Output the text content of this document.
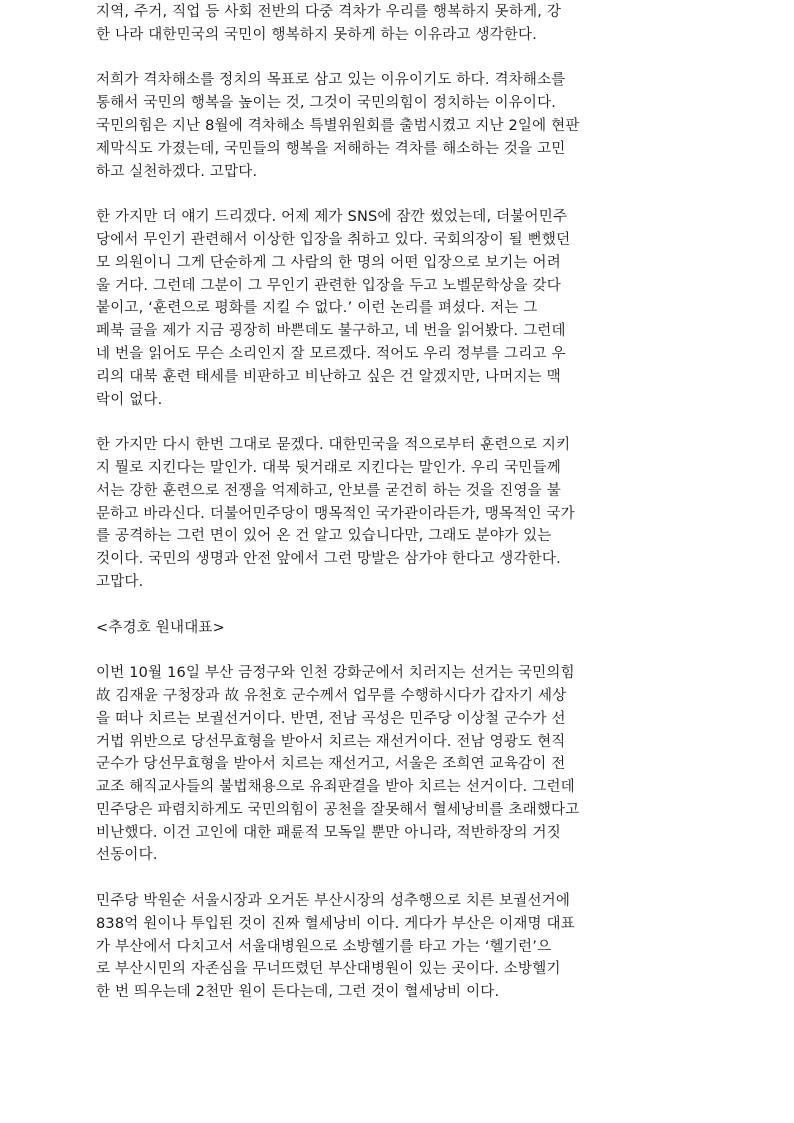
지역, 주거, 직업 등 사회 전반의 다중 격차가 우리를 행복하지 못하게, 강
한 나라 대한민국의 국민이 행복하지 못하게 하는 이유라고 생각한다.

저희가 격차해소를 정치의 목표로 삼고 있는 이유이기도 하다. 격차해소를
통해서 국민의 행복을 높이는 것, 그것이 국민의힘이 정치하는 이유이다.
국민의힘은 지난 8월에 격차해소 특별위원회를 출범시켰고 지난 2일에 현판
제막식도 가졌는데, 국민들의 행복을 저해하는 격차를 해소하는 것을 고민
하고 실천하겠다. 고맙다.

한 가지만 더 얘기 드리겠다. 어제 제가 SNS에 잠깐 썼었는데, 더불어민주
당에서 무인기 관련해서 이상한 입장을 취하고 있다. 국회의장이 될 뻔했던
모 의원이니 그게 단순하게 그 사람의 한 명의 어떤 입장으로 보기는 어려
울 거다. 그런데 그분이 그 무인기 관련한 입장을 두고 노벨문학상을 갖다
붙이고, ‘훈련으로 평화를 지킬 수 없다.’ 이런 논리를 펴셨다. 저는 그
페북 글을 제가 지금 굉장히 바쁜데도 불구하고, 네 번을 읽어봤다. 그런데
네 번을 읽어도 무슨 소리인지 잘 모르겠다. 적어도 우리 정부를 그리고 우
리의 대북 훈련 태세를 비판하고 비난하고 싶은 건 알겠지만, 나머지는 맥
락이 없다.

한 가지만 다시 한번 그대로 묻겠다. 대한민국을 적으로부터 훈련으로 지키
지 뭘로 지킨다는 말인가. 대북 뒷거래로 지킨다는 말인가. 우리 국민들께
서는 강한 훈련으로 전쟁을 억제하고, 안보를 굳건히 하는 것을 진영을 불
문하고 바라신다. 더불어민주당이 맹목적인 국가관이라든가, 맹목적인 국가
를 공격하는 그런 면이 있어 온 건 알고 있습니다만, 그래도 분야가 있는
것이다. 국민의 생명과 안전 앞에서 그런 망발은 삼가야 한다고 생각한다.
고맙다.

<추경호 원내대표>

이번 10월 16일 부산 금정구와 인천 강화군에서 치러지는 선거는 국민의힘
故 김재윤 구청장과 故 유천호 군수께서 업무를 수행하시다가 갑자기 세상
을 떠나 치르는 보궐선거이다. 반면, 전남 곡성은 민주당 이상철 군수가 선
거법 위반으로 당선무효형을 받아서 치르는 재선거이다. 전남 영광도 현직
군수가 당선무효형을 받아서 치르는 재선거고, 서울은 조희연 교육감이 전
교조 해직교사들의 불법채용으로 유죄판결을 받아 치르는 선거이다. 그런데
민주당은 파렴치하게도 국민의힘이 공천을 잘못해서 혈세낭비를 초래했다고
비난했다. 이건 고인에 대한 패륜적 모독일 뿐만 아니라, 적반하장의 거짓
선동이다.

민주당 박원순 서울시장과 오거돈 부산시장의 성추행으로 치른 보궐선거에
838억 원이나 투입된 것이 진짜 혈세낭비 이다. 게다가 부산은 이재명 대표
가 부산에서 다치고서 서울대병원으로 소방헬기를 타고 가는 ‘헬기런’으
로 부산시민의 자존심을 무너뜨렸던 부산대병원이 있는 곳이다. 소방헬기
한 번 띄우는데 2천만 원이 든다는데, 그런 것이 혈세낭비 이다.
